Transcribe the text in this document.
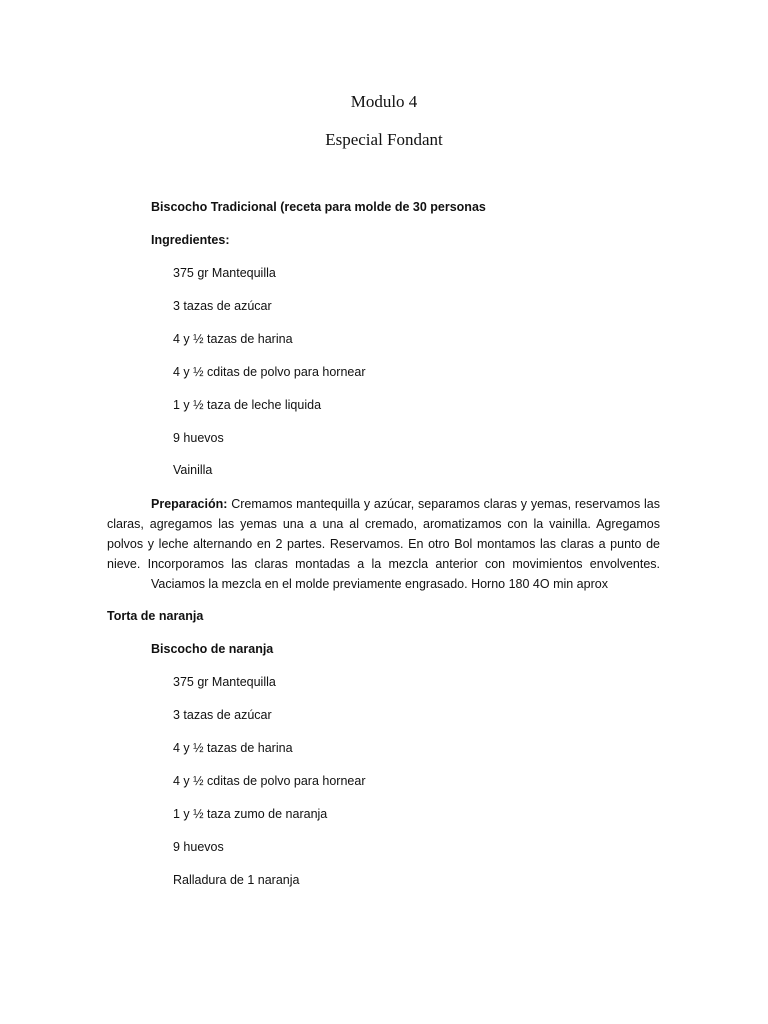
Modulo 4
Especial Fondant
Biscocho Tradicional (receta para molde de 30 personas
Ingredientes:
375 gr Mantequilla
3 tazas de azúcar
4 y ½ tazas de harina
4 y ½ cditas de polvo para hornear
1 y ½ taza de leche liquida
9 huevos
Vainilla

Preparación: Cremamos mantequilla y azúcar, separamos claras y yemas, reservamos las claras, agregamos las yemas una a una al cremado, aromatizamos con la vainilla. Agregamos polvos y leche alternando en 2 partes. Reservamos. En otro Bol montamos las claras a punto de nieve. Incorporamos las claras montadas a la mezcla anterior con movimientos envolventes.

Vaciamos la mezcla en el molde previamente engrasado. Horno 180 4O min aprox

Torta de naranja
Biscocho de naranja
375 gr Mantequilla
3 tazas de azúcar
4 y ½ tazas de harina
4 y ½ cditas de polvo para hornear
1 y ½ taza zumo de naranja
9 huevos
Ralladura de 1 naranja
